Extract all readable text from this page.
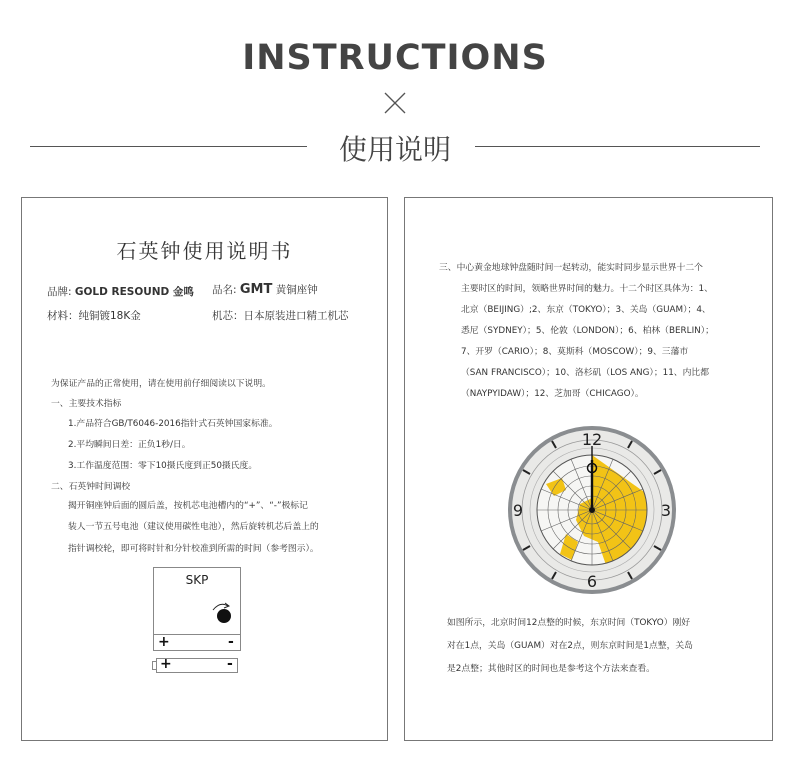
INSTRUCTIONS
使用说明
石英钟使用说明书
品牌: GOLD RESOUND 金鸣 品名: GMT 黄铜座钟
材料：纯铜镀18K金	机芯：日本原装进口精工机芯
为保证产品的正常使用，请在使用前仔细阅读以下说明。
一、主要技术指标
1.产品符合GB/T6046-2016指针式石英钟国家标准。
2.平均瞬间日差：正负1秒/日。
3.工作温度范围：零下10摄氏度到正50摄氏度。
二、石英钟时间调校
揭开铜座钟后面的圆后盖，按机芯电池槽内的“+”、“-”极标记
装人一节五号电池（建议使用碳性电池），然后旋转机芯后盖上的
指针调校轮，即可将时针和分针校准到所需的时间（参考图示）。
SKP
+	-
+	-
三、中心黄金地球钟盘随时间一起转动，能实时同步显示世界十二个
主要时区的时间，领略世界时间的魅力。十二个时区具体为：1、
北京（BEIJING）;2、东京（TOKYO）；3、关岛（GUAM）；4、
悉尼（SYDNEY）；5、伦敦（LONDON）；6、柏林（BERLIN）；
7、开罗（CARIO）；8、莫斯科（MOSCOW）；9、三藩市
（SAN FRANCISCO）；10、洛杉矶（LOS ANG）；11、内比都
（NAYPYIDAW）；12、芝加哥（CHICAGO）。
12
3
6
9
如图所示，北京时间12点整的时候，东京时间（TOKYO）刚好
对在1点，关岛（GUAM）对在2点，则东京时间是1点整，关岛
是2点整；其他时区的时间也是参考这个方法来查看。
